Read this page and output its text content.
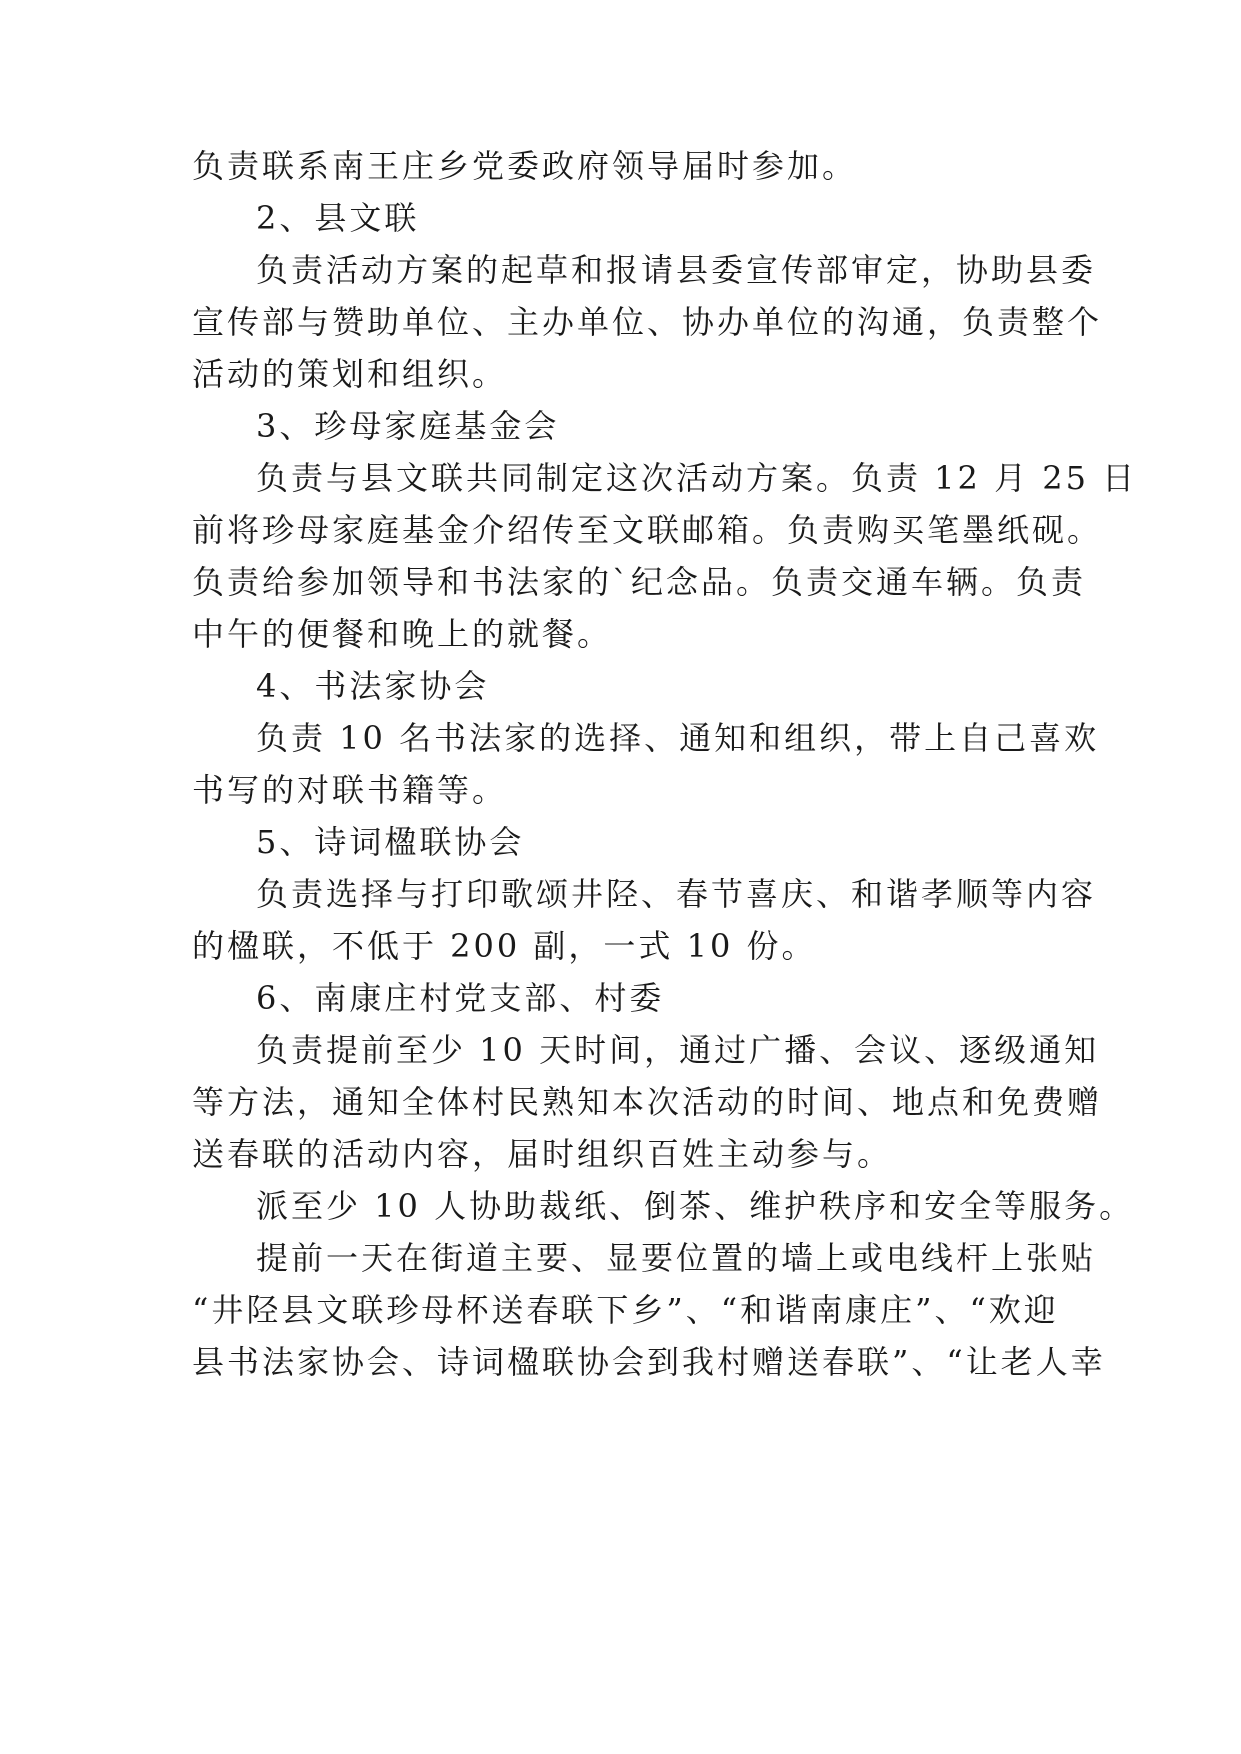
负责联系南王庄乡党委政府领导届时参加。
2、县文联
负责活动方案的起草和报请县委宣传部审定，协助县委
宣传部与赞助单位、主办单位、协办单位的沟通，负责整个
活动的策划和组织。
3、珍母家庭基金会
负责与县文联共同制定这次活动方案。负责 12 月 25 日
前将珍母家庭基金介绍传至文联邮箱。负责购买笔墨纸砚。
负责给参加领导和书法家的`纪念品。负责交通车辆。负责
中午的便餐和晚上的就餐。
4、书法家协会
负责 10 名书法家的选择、通知和组织，带上自己喜欢
书写的对联书籍等。
5、诗词楹联协会
负责选择与打印歌颂井陉、春节喜庆、和谐孝顺等内容
的楹联，不低于 200 副，一式 10 份。
6、南康庄村党支部、村委
负责提前至少 10 天时间，通过广播、会议、逐级通知
等方法，通知全体村民熟知本次活动的时间、地点和免费赠
送春联的活动内容，届时组织百姓主动参与。
派至少 10 人协助裁纸、倒茶、维护秩序和安全等服务。
提前一天在街道主要、显要位置的墙上或电线杆上张贴
“井陉县文联珍母杯送春联下乡”、“和谐南康庄”、“欢迎
县书法家协会、诗词楹联协会到我村赠送春联”、“让老人幸
